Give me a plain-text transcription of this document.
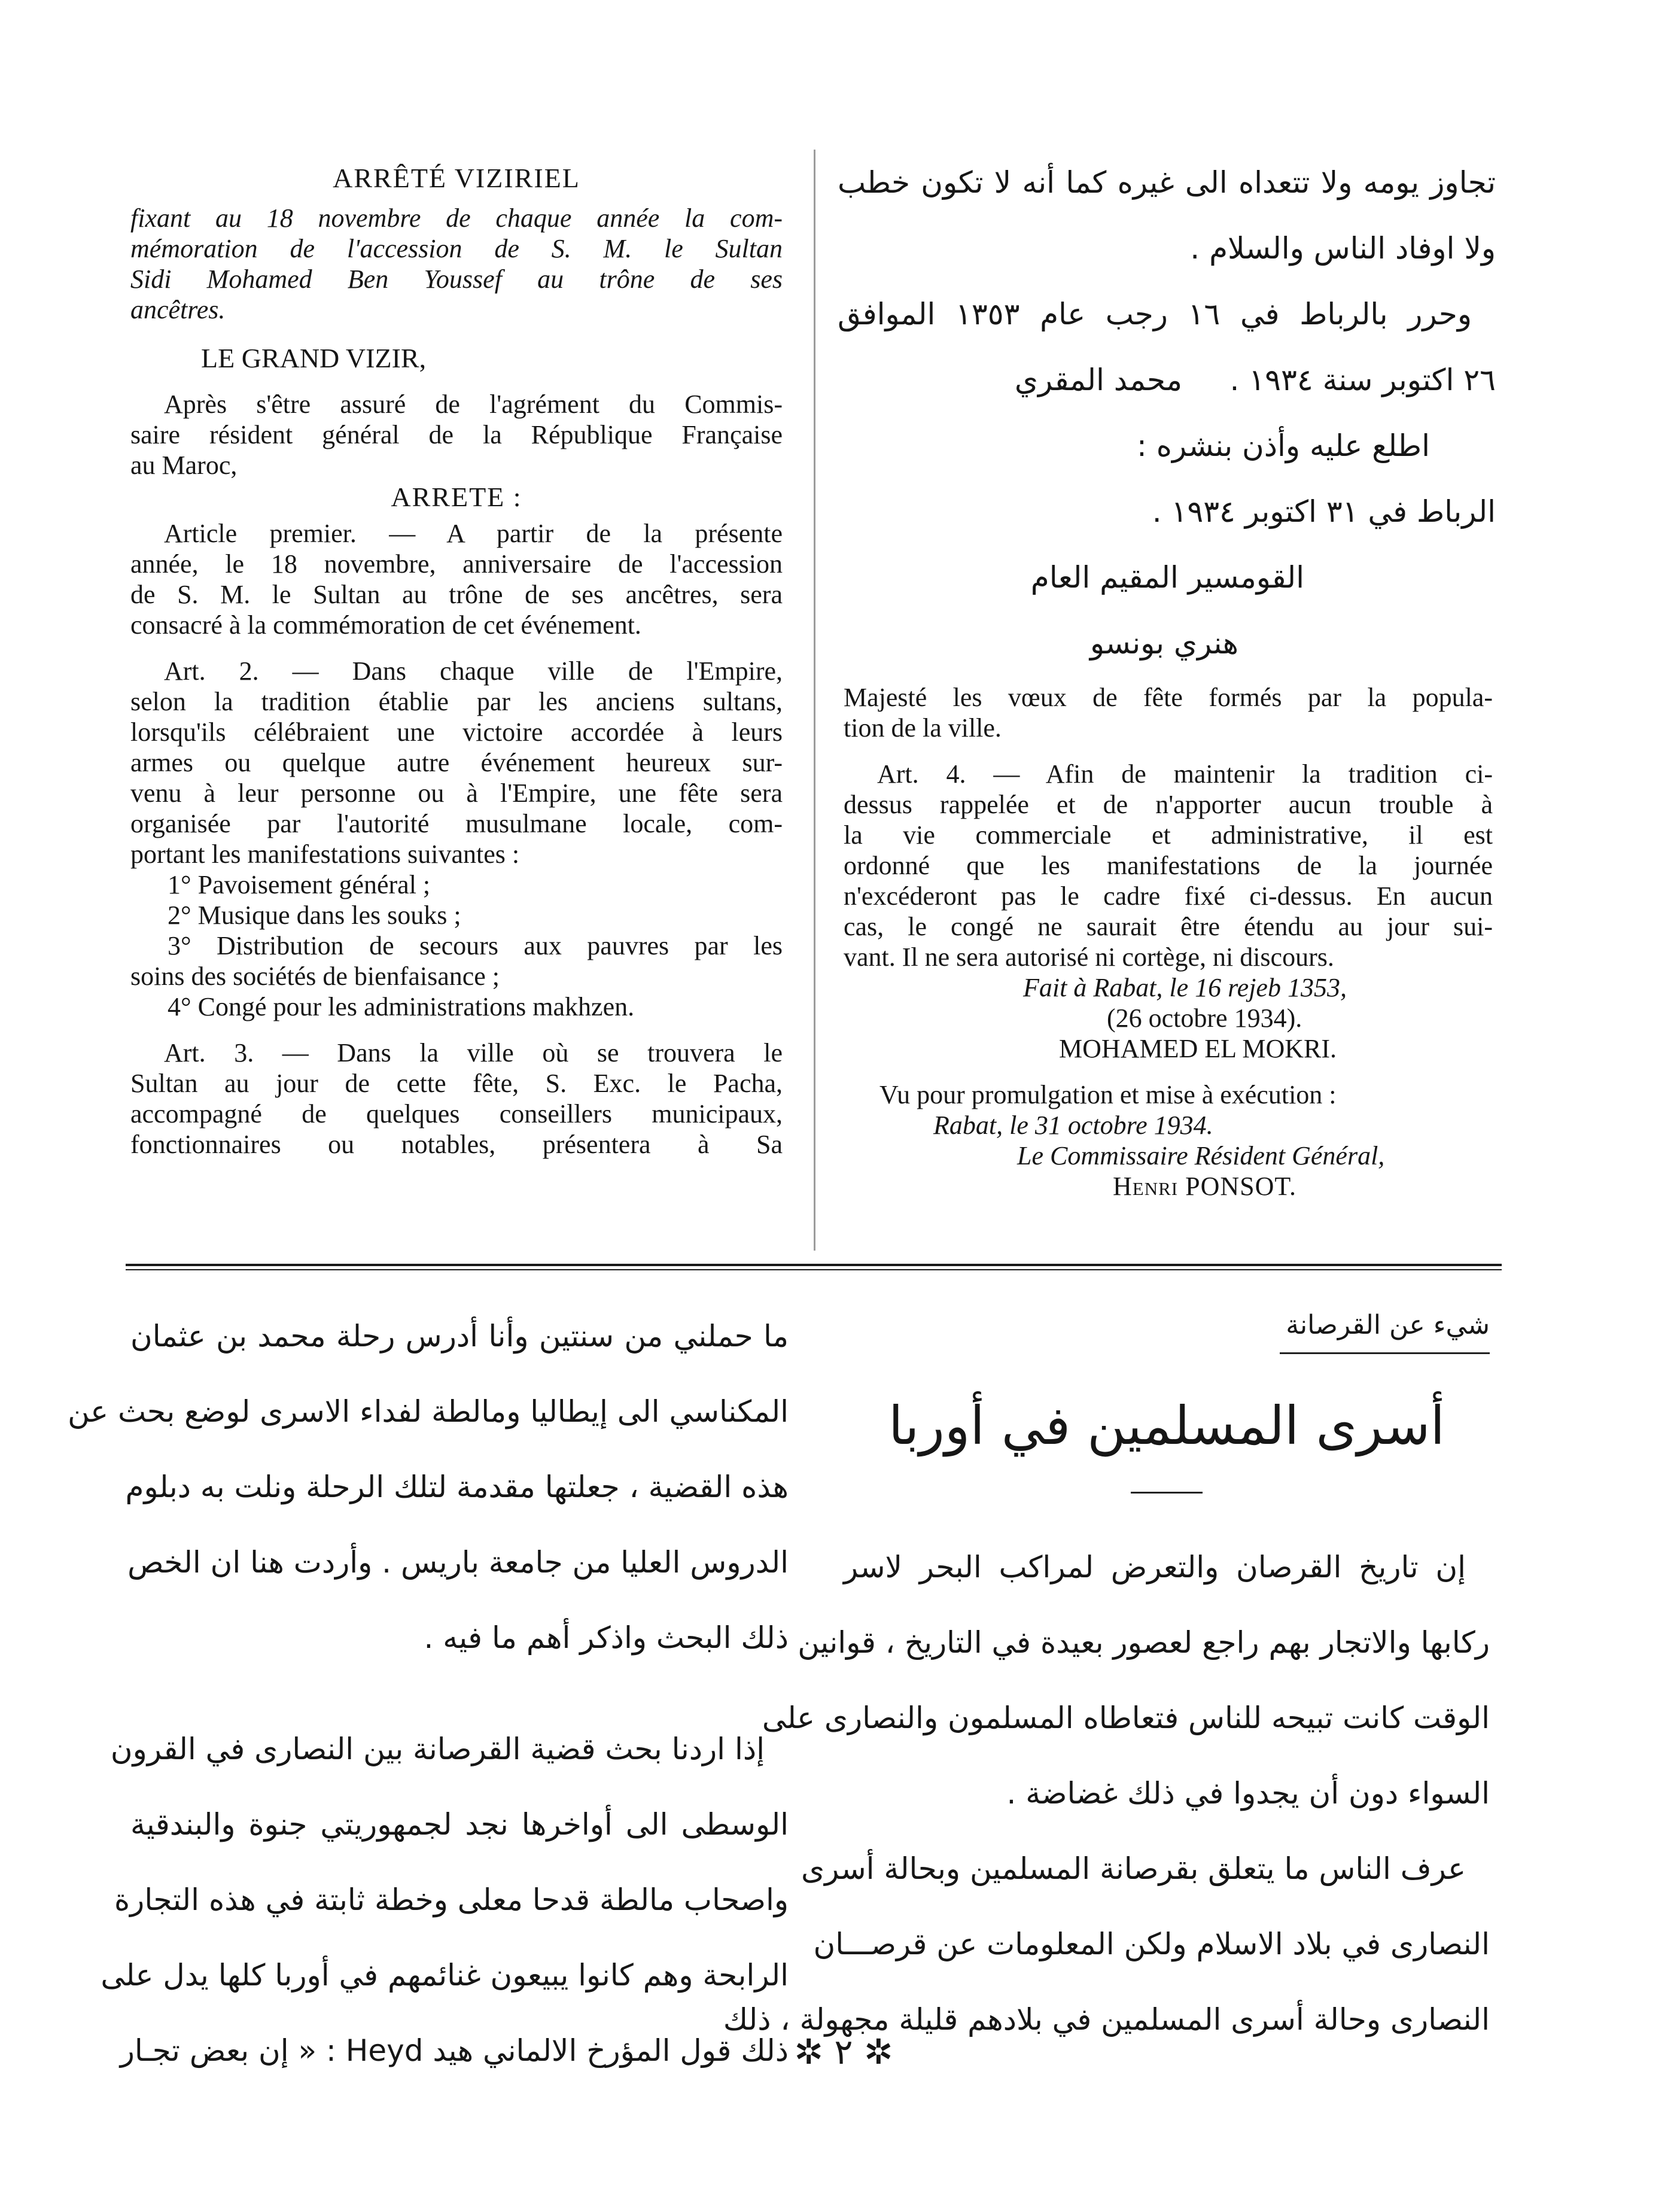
ARRÊTÉ VIZIRIEL
fixant au 18 novembre de chaque année la com-
mémoration de l'accession de S. M. le Sultan
Sidi Mohamed Ben Youssef au trône de ses
ancêtres.
LE GRAND VIZIR,
Après s'être assuré de l'agrément du Commis-
saire résident général de la République Française
au Maroc,
ARRETE :
Article premier. — A partir de la présente
année, le 18 novembre, anniversaire de l'accession
de S. M. le Sultan au trône de ses ancêtres, sera
consacré à la commémoration de cet événement.
Art. 2. — Dans chaque ville de l'Empire,
selon la tradition établie par les anciens sultans,
lorsqu'ils célébraient une victoire accordée à leurs
armes ou quelque autre événement heureux sur-
venu à leur personne ou à l'Empire, une fête sera
organisée par l'autorité musulmane locale, com-
portant les manifestations suivantes :
1° Pavoisement général ;
2° Musique dans les souks ;
3° Distribution de secours aux pauvres par les
soins des sociétés de bienfaisance ;
4° Congé pour les administrations makhzen.
Art. 3. — Dans la ville où se trouvera le
Sultan au jour de cette fête, S. Exc. le Pacha,
accompagné de quelques conseillers municipaux,
fonctionnaires ou notables, présentera à Sa
تجاوز يومه ولا تتعداه الى غيره كما أنه لا تكون خطب
ولا اوفاد الناس والسلام .
وحرر بالرباط في ١٦ رجب عام ١٣٥٣ الموافق
٢٦ اكتوبر سنة ١٩٣٤ .     محمد المقري
اطلع عليه وأذن بنشره :
الرباط في ٣١ اكتوبر ١٩٣٤ .
القومسير المقيم العام
هنري بونسو
Majesté les vœux de fête formés par la popula-
tion de la ville.
Art. 4. — Afin de maintenir la tradition ci-
dessus rappelée et de n'apporter aucun trouble à
la vie commerciale et administrative, il est
ordonné que les manifestations de la journée
n'excéderont pas le cadre fixé ci-dessus. En aucun
cas, le congé ne saurait être étendu au jour sui-
vant. Il ne sera autorisé ni cortège, ni discours.
Fait à Rabat, le 16 rejeb 1353,
(26 octobre 1934).
MOHAMED EL MOKRI.
Vu pour promulgation et mise à exécution :
Rabat, le 31 octobre 1934.
Le Commissaire Résident Général,
Henri PONSOT.
شيء عن القرصانة
أسرى المسلمين في أوربا
إن تاريخ القرصان والتعرض لمراكب البحر لاسر
ركابها والاتجار بهم راجع لعصور بعيدة في التاريخ ، قوانين
الوقت كانت تبيحه للناس فتعاطاه المسلمون والنصارى على
السواء دون أن يجدوا في ذلك غضاضة .
عرف الناس ما يتعلق بقرصانة المسلمين وبحالة أسرى
النصارى في بلاد الاسلام ولكن المعلومات عن قرصـــان
النصارى وحالة أسرى المسلمين في بلادهم قليلة مجهولة ، ذلك
ما حملني من سنتين وأنا أدرس رحلة محمد بن عثمان
المكناسي الى إيطاليا ومالطة لفداء الاسرى لوضع بحث عن
هذه القضية ، جعلتها مقدمة لتلك الرحلة ونلت به دبلوم
الدروس العليا من جامعة باريس . وأردت هنا ان الخص
ذلك البحث واذكر أهم ما فيه .
إذا اردنا بحث قضية القرصانة بين النصارى في القرون
الوسطى الى أواخرها نجد لجمهوريتي جنوة والبندقية
واصحاب مالطة قدحا معلى وخطة ثابتة في هذه التجارة
الرابحة وهم كانوا يبيعون غنائمهم في أوربا كلها يدل على
ذلك قول المؤرخ الالماني هيد Heyd : « إن بعض تجـار ✲ ٢ ✲
